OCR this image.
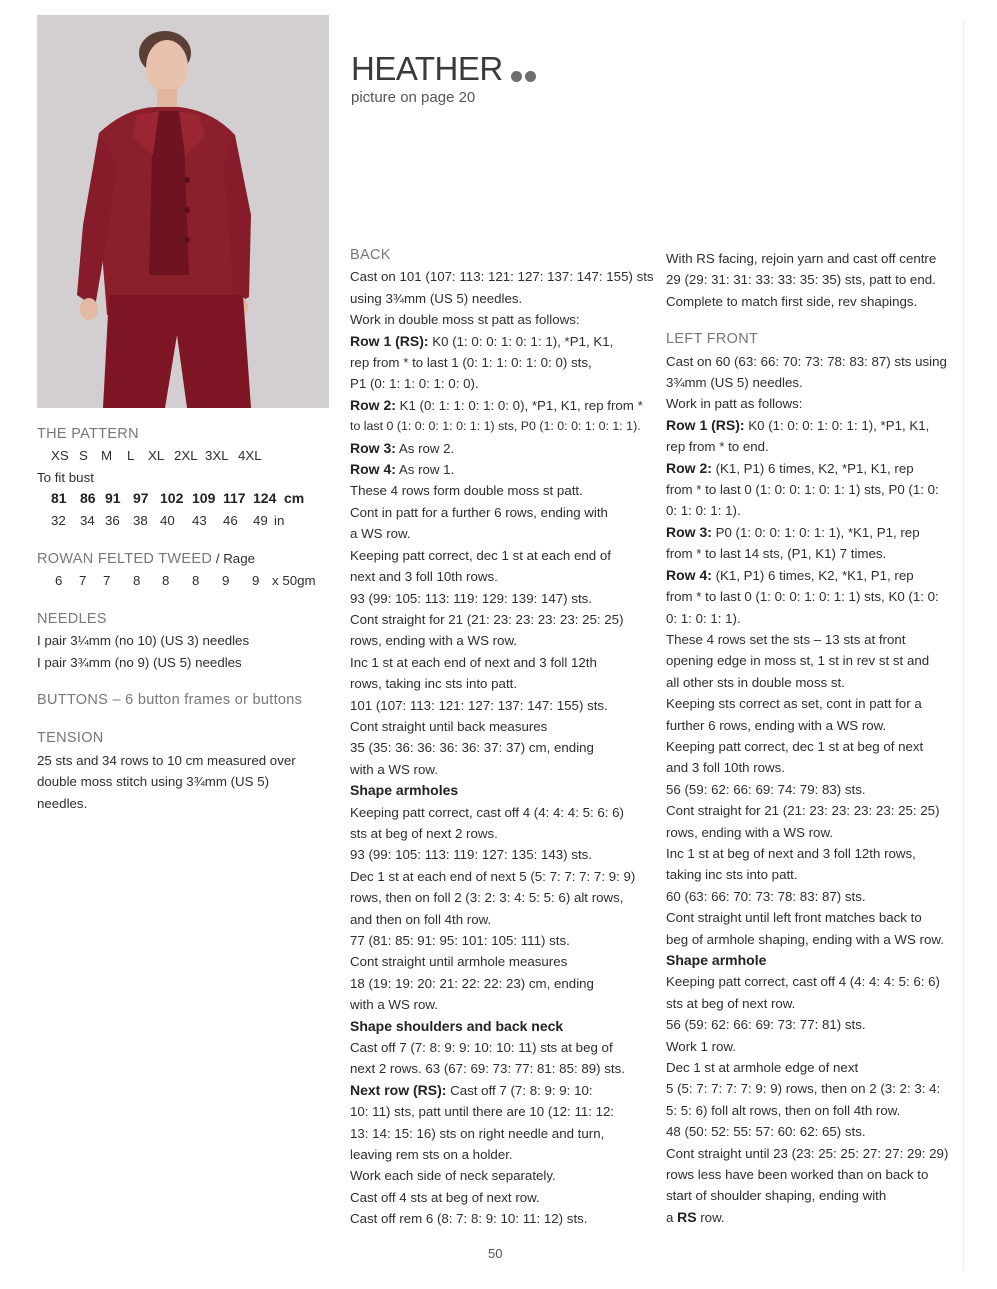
HEATHER
picture on page 20
THE PATTERN
XS S M L XL 2XL 3XL 4XL
To fit bust
81 86 91 97 102 109 117 124 cm
32 34 36 38 40 43 46 49 in
ROWAN FELTED TWEED / Rage
6 7 7 8 8 8 9 9 x 50gm
NEEDLES
I pair 3¼mm (no 10) (US 3) needles
I pair 3¾mm (no 9) (US 5) needles
BUTTONS – 6 button frames or buttons
TENSION
25 sts and 34 rows to 10 cm measured over
double moss stitch using 3¾mm (US 5)
needles.
BACK
Cast on 101 (107: 113: 121: 127: 137: 147: 155) sts
using 3¾mm (US 5) needles.
Work in double moss st patt as follows:
Row 1 (RS): K0 (1: 0: 0: 1: 0: 1: 1), *P1, K1,
rep from * to last 1 (0: 1: 1: 0: 1: 0: 0) sts,
P1 (0: 1: 1: 0: 1: 0: 0).
Row 2: K1 (0: 1: 1: 0: 1: 0: 0), *P1, K1, rep from *
to last 0 (1: 0: 0: 1: 0: 1: 1) sts, P0 (1: 0: 0: 1: 0: 1: 1).
Row 3: As row 2.
Row 4: As row 1.
These 4 rows form double moss st patt.
Cont in patt for a further 6 rows, ending with
a WS row.
Keeping patt correct, dec 1 st at each end of
next and 3 foll 10th rows.
93 (99: 105: 113: 119: 129: 139: 147) sts.
Cont straight for 21 (21: 23: 23: 23: 23: 25: 25)
rows, ending with a WS row.
Inc 1 st at each end of next and 3 foll 12th
rows, taking inc sts into patt.
101 (107: 113: 121: 127: 137: 147: 155) sts.
Cont straight until back measures
35 (35: 36: 36: 36: 36: 37: 37) cm, ending
with a WS row.
Shape armholes
Keeping patt correct, cast off 4 (4: 4: 4: 5: 6: 6)
sts at beg of next 2 rows.
93 (99: 105: 113: 119: 127: 135: 143) sts.
Dec 1 st at each end of next 5 (5: 7: 7: 7: 7: 9: 9)
rows, then on foll 2 (3: 2: 3: 4: 5: 5: 6) alt rows,
and then on foll 4th row.
77 (81: 85: 91: 95: 101: 105: 111) sts.
Cont straight until armhole measures
18 (19: 19: 20: 21: 22: 22: 23) cm, ending
with a WS row.
Shape shoulders and back neck
Cast off 7 (7: 8: 9: 9: 10: 10: 11) sts at beg of
next 2 rows. 63 (67: 69: 73: 77: 81: 85: 89) sts.
Next row (RS): Cast off 7 (7: 8: 9: 9: 10:
10: 11) sts, patt until there are 10 (12: 11: 12:
13: 14: 15: 16) sts on right needle and turn,
leaving rem sts on a holder.
Work each side of neck separately.
Cast off 4 sts at beg of next row.
Cast off rem 6 (8: 7: 8: 9: 10: 11: 12) sts.
With RS facing, rejoin yarn and cast off centre
29 (29: 31: 31: 33: 33: 35: 35) sts, patt to end.
Complete to match first side, rev shapings.
LEFT FRONT
Cast on 60 (63: 66: 70: 73: 78: 83: 87) sts using
3¾mm (US 5) needles.
Work in patt as follows:
Row 1 (RS): K0 (1: 0: 0: 1: 0: 1: 1), *P1, K1,
rep from * to end.
Row 2: (K1, P1) 6 times, K2, *P1, K1, rep
from * to last 0 (1: 0: 0: 1: 0: 1: 1) sts, P0 (1: 0:
0: 1: 0: 1: 1).
Row 3: P0 (1: 0: 0: 1: 0: 1: 1), *K1, P1, rep
from * to last 14 sts, (P1, K1) 7 times.
Row 4: (K1, P1) 6 times, K2, *K1, P1, rep
from * to last 0 (1: 0: 0: 1: 0: 1: 1) sts, K0 (1: 0:
0: 1: 0: 1: 1).
These 4 rows set the sts – 13 sts at front
opening edge in moss st, 1 st in rev st st and
all other sts in double moss st.
Keeping sts correct as set, cont in patt for a
further 6 rows, ending with a WS row.
Keeping patt correct, dec 1 st at beg of next
and 3 foll 10th rows.
56 (59: 62: 66: 69: 74: 79: 83) sts.
Cont straight for 21 (21: 23: 23: 23: 23: 25: 25)
rows, ending with a WS row.
Inc 1 st at beg of next and 3 foll 12th rows,
taking inc sts into patt.
60 (63: 66: 70: 73: 78: 83: 87) sts.
Cont straight until left front matches back to
beg of armhole shaping, ending with a WS row.
Shape armhole
Keeping patt correct, cast off 4 (4: 4: 4: 5: 6: 6)
sts at beg of next row.
56 (59: 62: 66: 69: 73: 77: 81) sts.
Work 1 row.
Dec 1 st at armhole edge of next
5 (5: 7: 7: 7: 7: 9: 9) rows, then on 2 (3: 2: 3: 4:
5: 5: 6) foll alt rows, then on foll 4th row.
48 (50: 52: 55: 57: 60: 62: 65) sts.
Cont straight until 23 (23: 25: 25: 27: 27: 29: 29)
rows less have been worked than on back to
start of shoulder shaping, ending with
a RS row.
50
